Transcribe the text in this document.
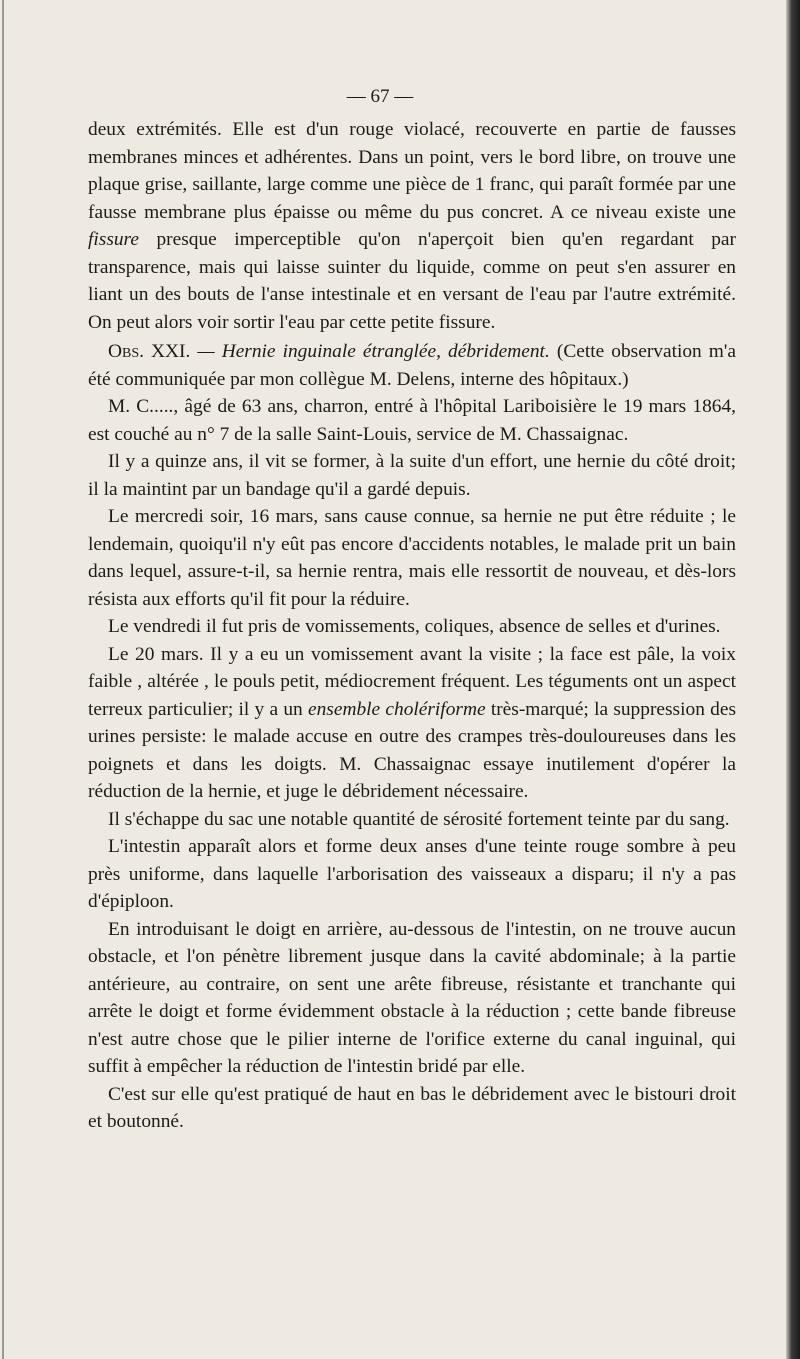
— 67 —

deux extrémités. Elle est d'un rouge violacé, recouverte en partie de fausses membranes minces et adhérentes. Dans un point, vers le bord libre, on trouve une plaque grise, saillante, large comme une pièce de 1 franc, qui paraît formée par une fausse membrane plus épaisse ou même du pus concret. A ce niveau existe une fissure presque imperceptible qu'on n'aperçoit bien qu'en regardant par transparence, mais qui laisse suinter du liquide, comme on peut s'en assurer en liant un des bouts de l'anse intestinale et en versant de l'eau par l'autre extrémité. On peut alors voir sortir l'eau par cette petite fissure.

Obs. XXI. — Hernie inguinale étranglée, débridement. (Cette observation m'a été communiquée par mon collègue M. Delens, interne des hôpitaux.)

M. C....., âgé de 63 ans, charron, entré à l'hôpital Lariboisière le 19 mars 1864, est couché au n° 7 de la salle Saint-Louis, service de M. Chassaignac.

Il y a quinze ans, il vit se former, à la suite d'un effort, une hernie du côté droit; il la maintint par un bandage qu'il a gardé depuis.

Le mercredi soir, 16 mars, sans cause connue, sa hernie ne put être réduite ; le lendemain, quoiqu'il n'y eût pas encore d'accidents notables, le malade prit un bain dans lequel, assure-t-il, sa hernie rentra, mais elle ressortit de nouveau, et dès-lors résista aux efforts qu'il fit pour la réduire.

Le vendredi il fut pris de vomissements, coliques, absence de selles et d'urines.

Le 20 mars. Il y a eu un vomissement avant la visite ; la face est pâle, la voix faible , altérée , le pouls petit, médiocrement fréquent. Les téguments ont un aspect terreux particulier; il y a un ensemble cholériforme très-marqué; la suppression des urines persiste: le malade accuse en outre des crampes très-douloureuses dans les poignets et dans les doigts. M. Chassaignac essaye inutilement d'opérer la réduction de la hernie, et juge le débridement nécessaire.

Il s'échappe du sac une notable quantité de sérosité fortement teinte par du sang.

L'intestin apparaît alors et forme deux anses d'une teinte rouge sombre à peu près uniforme, dans laquelle l'arborisation des vaisseaux a disparu; il n'y a pas d'épiploon.

En introduisant le doigt en arrière, au-dessous de l'intestin, on ne trouve aucun obstacle, et l'on pénètre librement jusque dans la cavité abdominale; à la partie antérieure, au contraire, on sent une arête fibreuse, résistante et tranchante qui arrête le doigt et forme évidemment obstacle à la réduction ; cette bande fibreuse n'est autre chose que le pilier interne de l'orifice externe du canal inguinal, qui suffit à empêcher la réduction de l'intestin bridé par elle.

C'est sur elle qu'est pratiqué de haut en bas le débridement avec le bistouri droit et boutonné.
